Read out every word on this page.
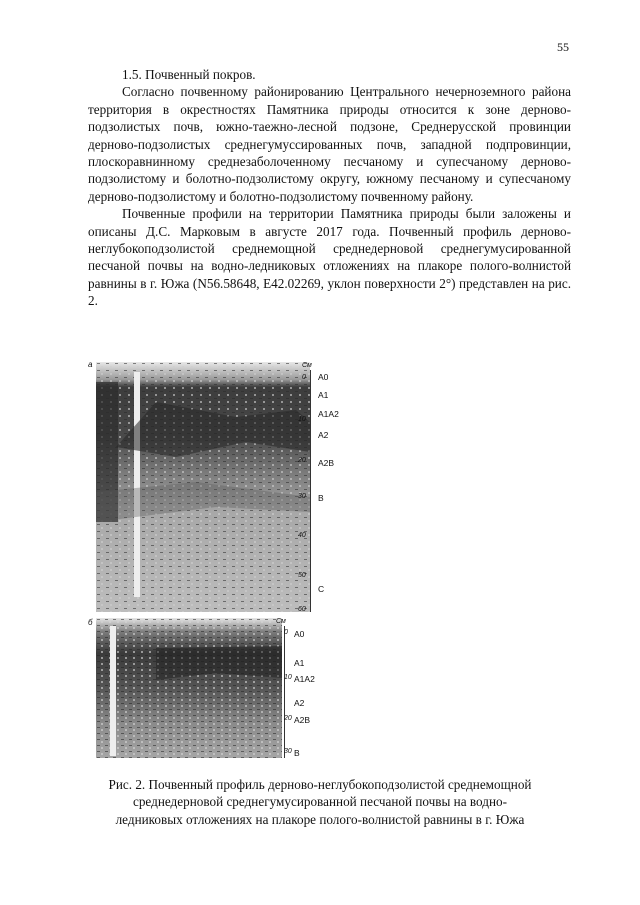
55

1.5. Почвенный покров.

Согласно почвенному районированию Центрального нечерноземного района территория в окрестностях Памятника природы относится к зоне дерново-подзолистых почв, южно-таежно-лесной подзоне, Среднерусской провинции дерново-подзолистых среднегумуссированных почв, западной подпровинции, плоскоравнинному среднезаболоченному песчаному и супесчаному дерново-подзолистому и болотно-подзолистому округу, южному песчаному и супесчаному дерново-подзолистому и болотно-подзолистому почвенному району.

Почвенные профили на территории Памятника природы были заложены и описаны Д.С. Марковым в августе 2017 года. Почвенный профиль дерново-неглубокоподзолистой среднемощной среднедерновой среднегумусированной песчаной почвы на водно-ледниковых отложениях на плакоре полого-волнистой равнины в г. Южа (N56.58648, E42.02269, уклон поверхности 2°) представлен на рис. 2.

а	См
0
10
20
30
40
50
60
A0
A1
A1A2
A2
A2B
B
C
б	См
0
10
20
30
A0
A1
A1A2
A2
A2B
B
Рис. 2. Почвенный профиль дерново-неглубокоподзолистой среднемощной
среднедерновой среднегумусированной песчаной почвы на водно-
ледниковых отложениях на плакоре полого-волнистой равнины в г. Южа
